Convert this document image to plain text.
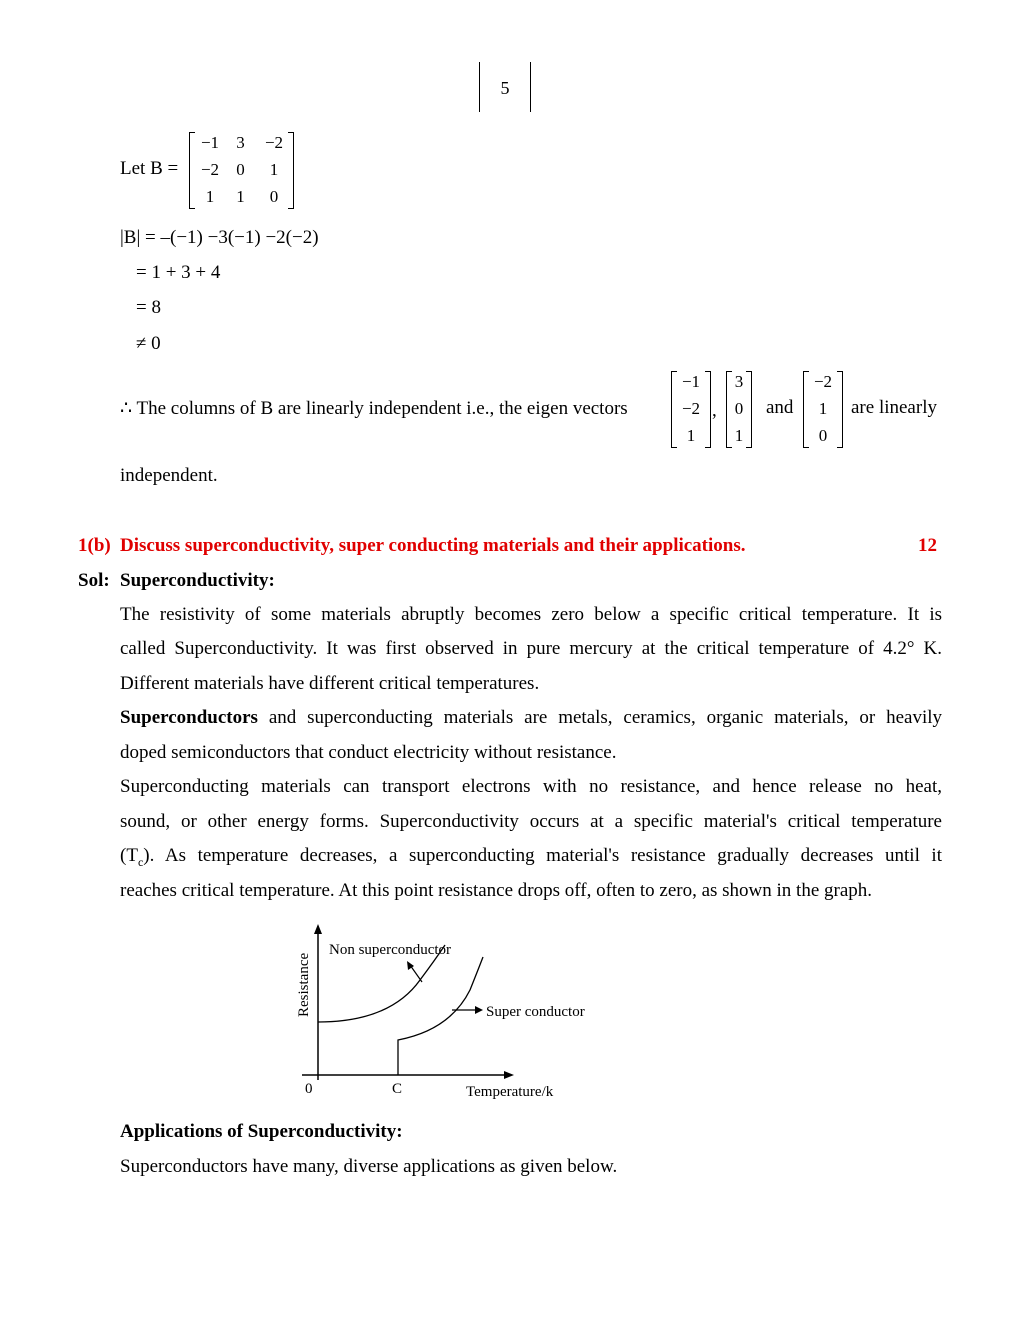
5
Let B =
−1	3	−2
−2	0	1
1	1	0
|B| = –(−1) −3(−1) −2(−2)
= 1 + 3 + 4
= 8
≠ 0
∴ The columns of B are linearly independent i.e., the eigen vectors
−1
−2
1
,
3
0
1
and
−2
1
0
are linearly
independent.
1(b) Discuss superconductivity, super conducting materials and their applications.	12
Sol: Superconductivity:
The resistivity of some materials abruptly becomes zero below a specific critical temperature. It is
called Superconductivity. It was first observed in pure mercury at the critical temperature of 4.2° K.
Different materials have different critical temperatures.
Superconductors and superconducting materials are metals, ceramics, organic materials, or heavily
doped semiconductors that conduct electricity without resistance.
Superconducting materials can transport electrons with no resistance, and hence release no heat,
sound, or other energy forms. Superconductivity occurs at a specific material's critical temperature
$(T_c)$. As temperature decreases, a superconducting material's resistance gradually decreases until it
reaches critical temperature. At this point resistance drops off, often to zero, as shown in the graph.
Resistance
Non superconductor
Super conductor
0	C	Temperature/k
Applications of Superconductivity:
Superconductors have many, diverse applications as given below.
